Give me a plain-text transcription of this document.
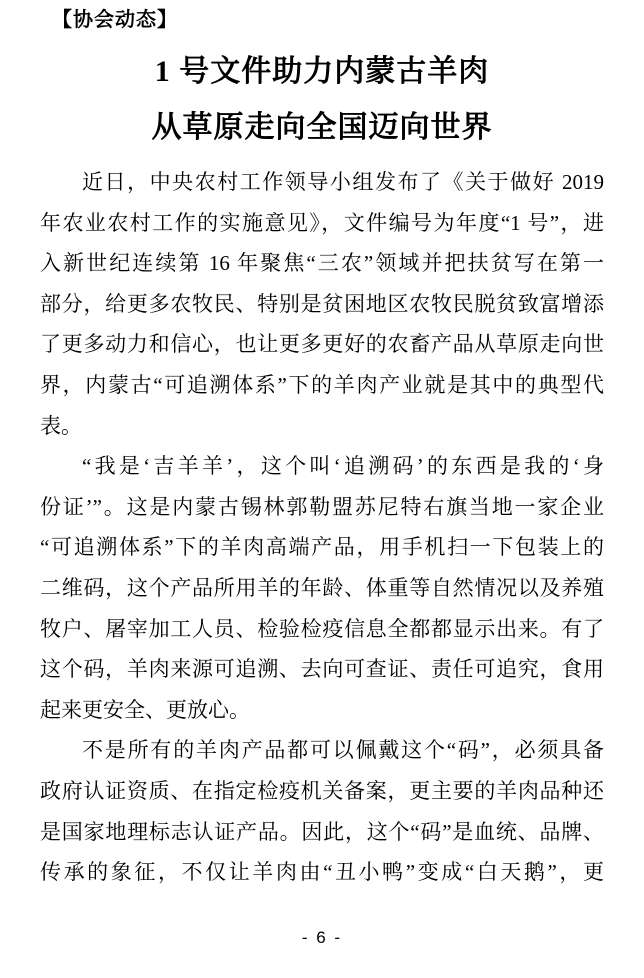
【协会动态】
1 号文件助力内蒙古羊肉
从草原走向全国迈向世界
近日，中央农村工作领导小组发布了《关于做好 2019
年农业农村工作的实施意见》，文件编号为年度“1 号”，进
入新世纪连续第 16 年聚焦“三农”领域并把扶贫写在第一
部分，给更多农牧民、特别是贫困地区农牧民脱贫致富增添
了更多动力和信心，也让更多更好的农畜产品从草原走向世
界，内蒙古“可追溯体系”下的羊肉产业就是其中的典型代
表。
“我是‘吉羊羊’，这个叫‘追溯码’的东西是我的‘身
份证’”。这是内蒙古锡林郭勒盟苏尼特右旗当地一家企业
“可追溯体系”下的羊肉高端产品，用手机扫一下包装上的
二维码，这个产品所用羊的年龄、体重等自然情况以及养殖
牧户、屠宰加工人员、检验检疫信息全都都显示出来。有了
这个码，羊肉来源可追溯、去向可查证、责任可追究，食用
起来更安全、更放心。
不是所有的羊肉产品都可以佩戴这个“码”，必须具备
政府认证资质、在指定检疫机关备案，更主要的羊肉品种还
是国家地理标志认证产品。因此，这个“码”是血统、品牌、
传承的象征，不仅让羊肉由“丑小鸭”变成“白天鹅”，更
- 6 -
